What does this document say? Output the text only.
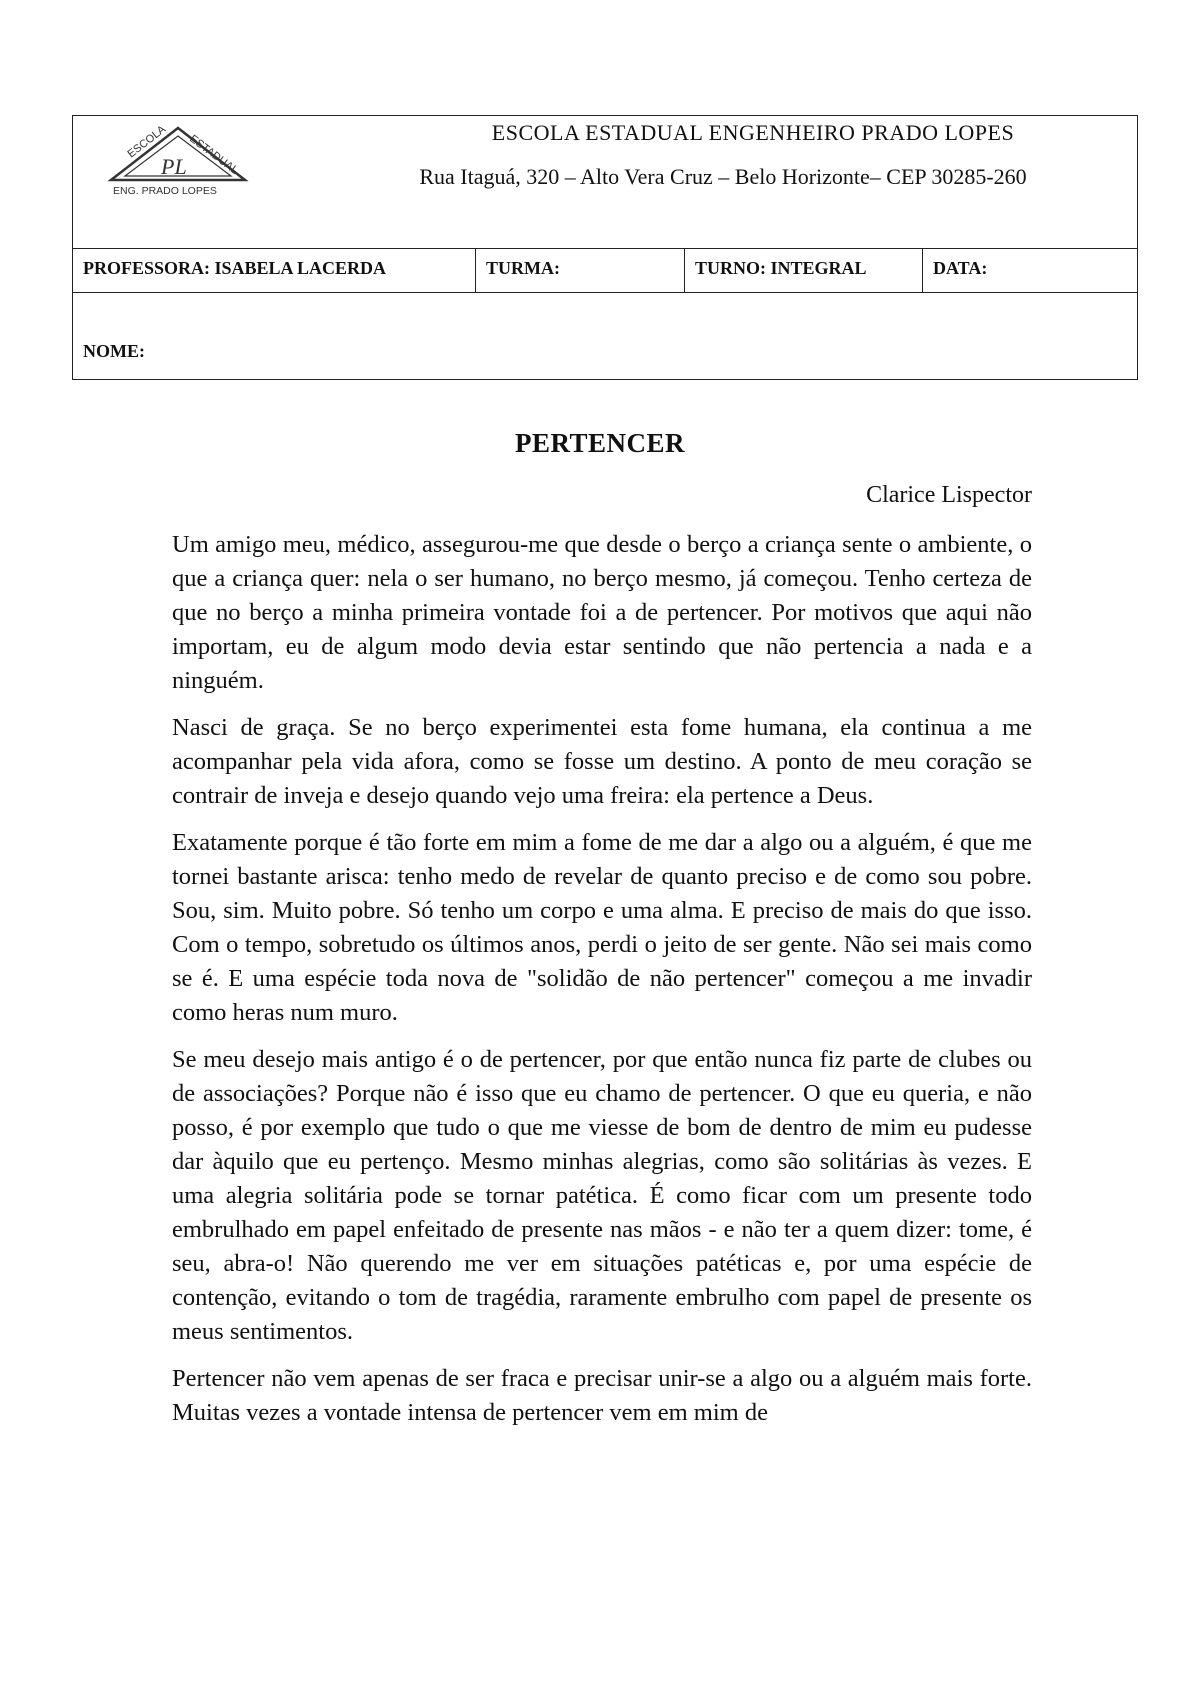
ESCOLA ESTADUAL
PL
ENG. PRADO LOPES
ESCOLA ESTADUAL ENGENHEIRO PRADO LOPES
Rua Itaguá, 320 – Alto Vera Cruz – Belo Horizonte– CEP 30285-260
PROFESSORA: ISABELA LACERDA	TURMA:	TURNO: INTEGRAL	DATA:
NOME:
PERTENCER
Clarice Lispector

Um amigo meu, médico, assegurou-me que desde o berço a criança sente o ambiente, o que a criança quer: nela o ser humano, no berço mesmo, já começou. Tenho certeza de que no berço a minha primeira vontade foi a de pertencer. Por motivos que aqui não importam, eu de algum modo devia estar sentindo que não pertencia a nada e a ninguém.

Nasci de graça. Se no berço experimentei esta fome humana, ela continua a me acompanhar pela vida afora, como se fosse um destino. A ponto de meu coração se contrair de inveja e desejo quando vejo uma freira: ela pertence a Deus.

Exatamente porque é tão forte em mim a fome de me dar a algo ou a alguém, é que me tornei bastante arisca: tenho medo de revelar de quanto preciso e de como sou pobre. Sou, sim. Muito pobre. Só tenho um corpo e uma alma. E preciso de mais do que isso. Com o tempo, sobretudo os últimos anos, perdi o jeito de ser gente. Não sei mais como se é. E uma espécie toda nova de "solidão de não pertencer" começou a me invadir como heras num muro.

Se meu desejo mais antigo é o de pertencer, por que então nunca fiz parte de clubes ou de associações? Porque não é isso que eu chamo de pertencer. O que eu queria, e não posso, é por exemplo que tudo o que me viesse de bom de dentro de mim eu pudesse dar àquilo que eu pertenço. Mesmo minhas alegrias, como são solitárias às vezes. E uma alegria solitária pode se tornar patética. É como ficar com um presente todo embrulhado em papel enfeitado de presente nas mãos - e não ter a quem dizer: tome, é seu, abra-o! Não querendo me ver em situações patéticas e, por uma espécie de contenção, evitando o tom de tragédia, raramente embrulho com papel de presente os meus sentimentos.

Pertencer não vem apenas de ser fraca e precisar unir-se a algo ou a alguém mais forte. Muitas vezes a vontade intensa de pertencer vem em mim de
